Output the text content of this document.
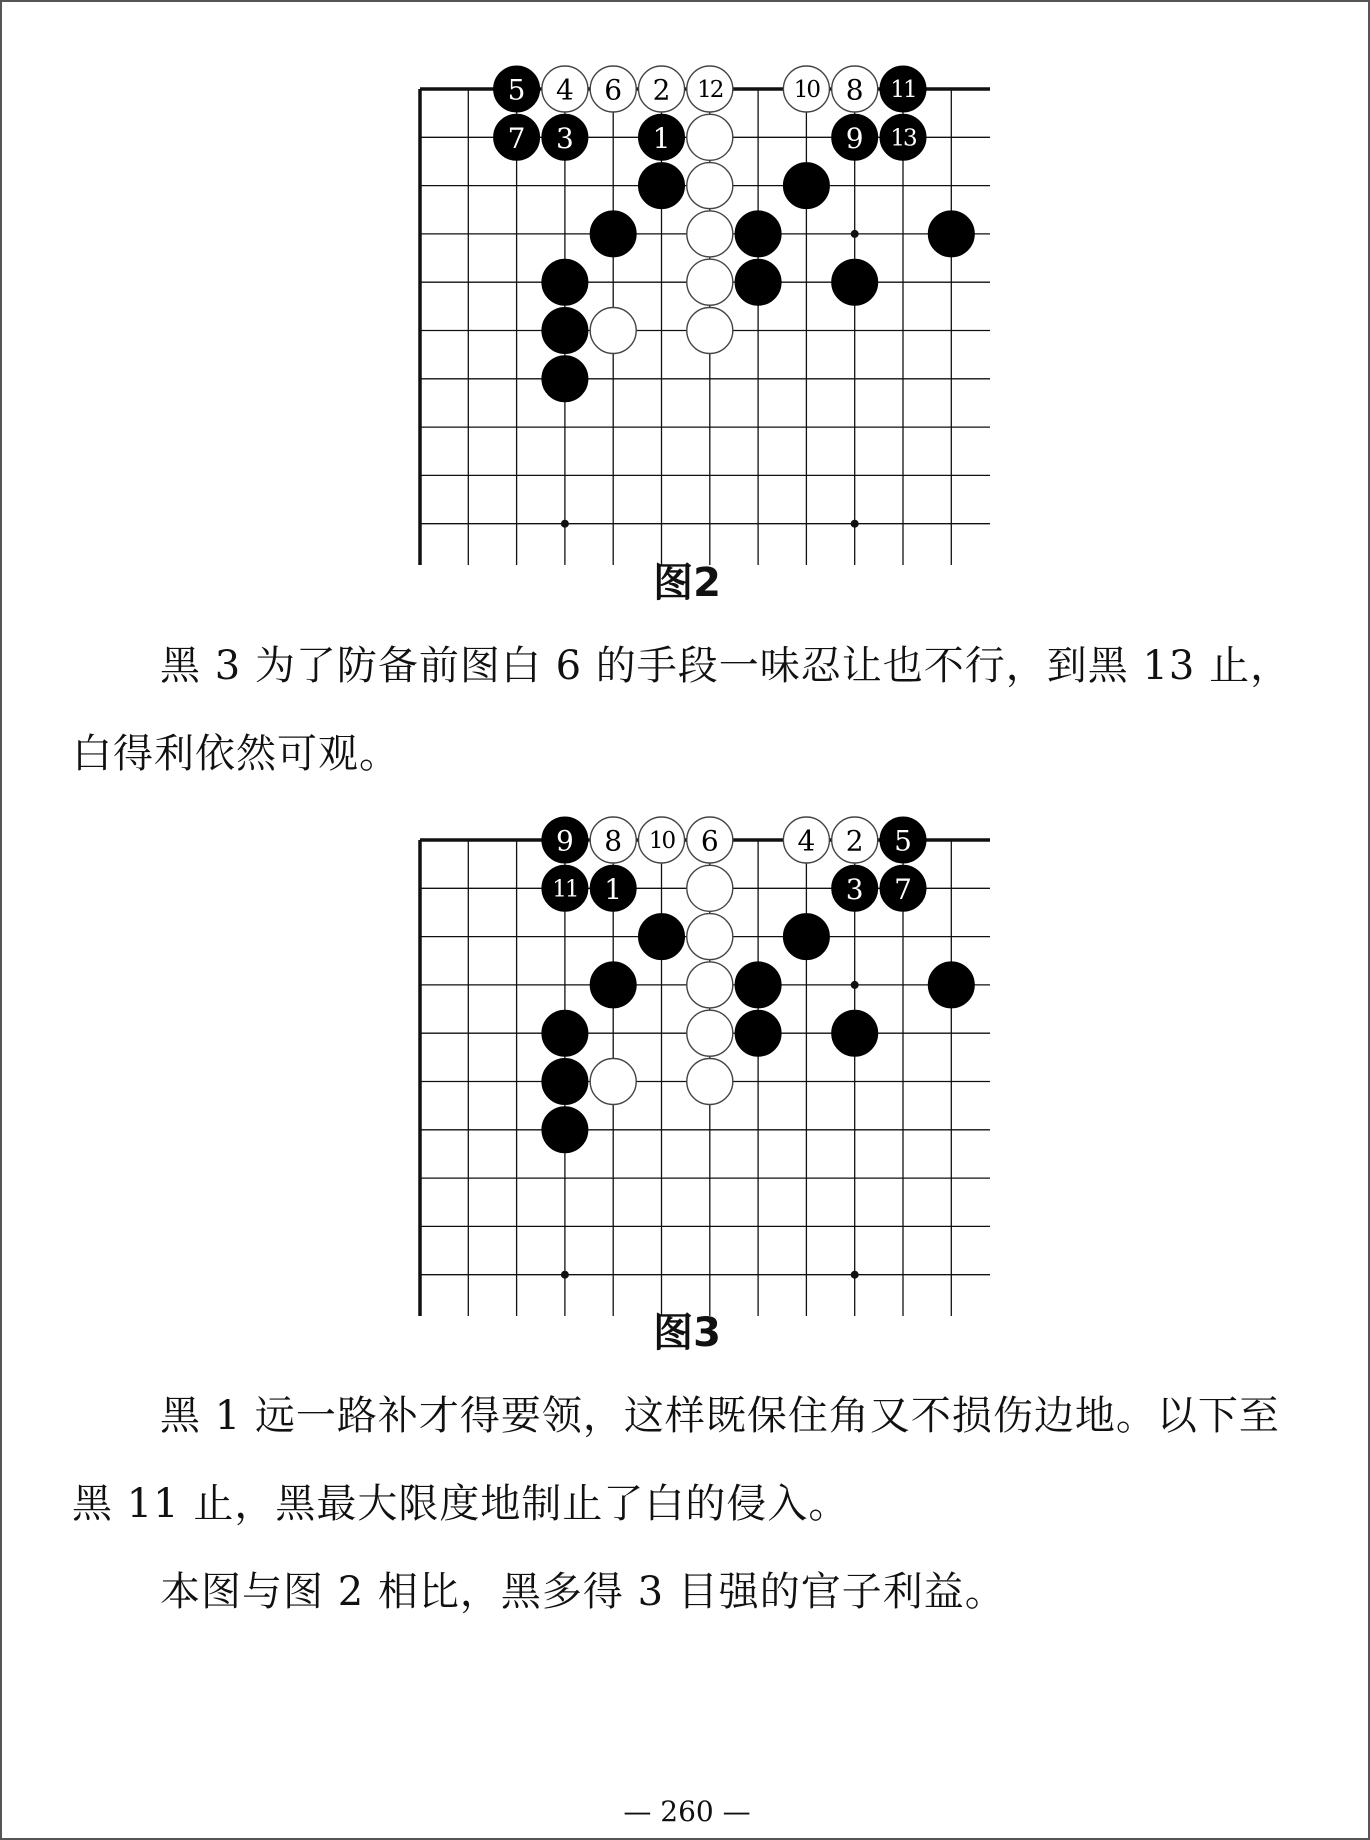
5 4 6 2 12	10 8 11
7 3	1	9 13
图2

黑 3 为了防备前图白 6 的手段一味忍让也不行，到黑 13 止，白得利依然可观。

9 8 10 6	4 2 5
11 1	3 7
图3

黑 1 远一路补才得要领，这样既保住角又不损伤边地。以下至黑 11 止，黑最大限度地制止了白的侵入。

本图与图 2 相比，黑多得 3 目强的官子利益。

— 260 —
